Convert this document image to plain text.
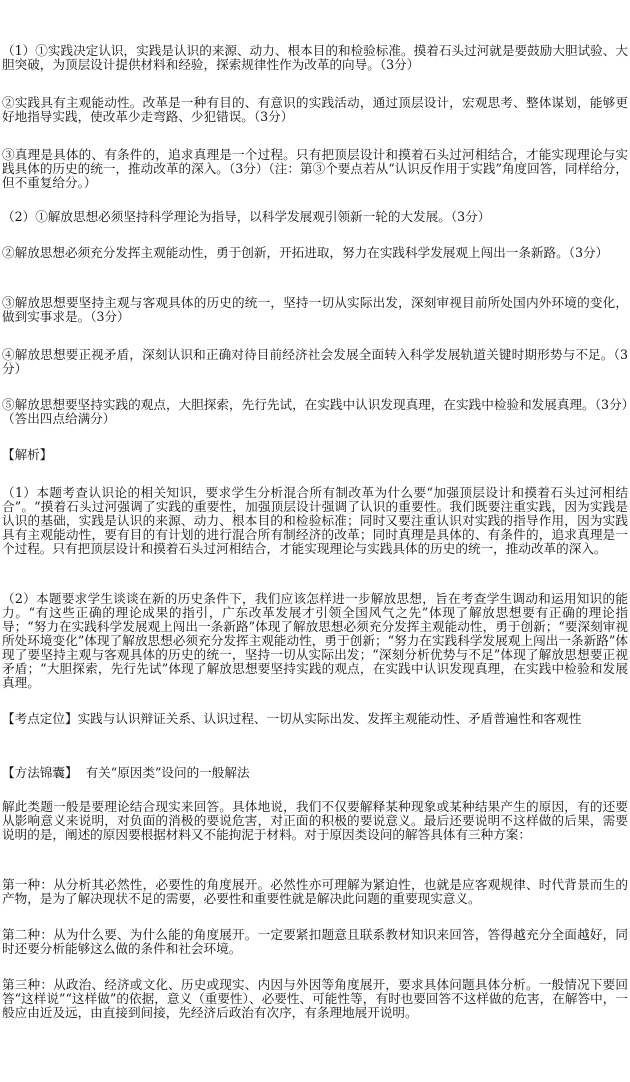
（1）①实践决定认识，实践是认识的来源、动力、根本目的和检验标准。摸着石头过河就是要鼓励大胆试验、大胆突破，为顶层设计提供材料和经验，探索规律性作为改革的向导。（3分）

②实践具有主观能动性。改革是一种有目的、有意识的实践活动，通过顶层设计，宏观思考、整体谋划，能够更好地指导实践，使改革少走弯路、少犯错误。（3分）

③真理是具体的、有条件的，追求真理是一个过程。只有把顶层设计和摸着石头过河相结合，才能实现理论与实践具体的历史的统一，推动改革的深入。（3分）（注：第③个要点若从“认识反作用于实践”角度回答，同样给分，但不重复给分。）

（2）①解放思想必须坚持科学理论为指导，以科学发展观引领新一轮的大发展。（3分）

②解放思想必须充分发挥主观能动性，勇于创新，开拓进取，努力在实践科学发展观上闯出一条新路。（3分）

③解放思想要坚持主观与客观具体的历史的统一，坚持一切从实际出发，深刻审视目前所处国内外环境的变化，做到实事求是。（3分）

④解放思想要正视矛盾，深刻认识和正确对待目前经济社会发展全面转入科学发展轨道关键时期形势与不足。（3分）

⑤解放思想要坚持实践的观点，大胆探索，先行先试，在实践中认识发现真理，在实践中检验和发展真理。（3分）（答出四点给满分）

【解析】

（1）本题考查认识论的相关知识，要求学生分析混合所有制改革为什么要“加强顶层设计和摸着石头过河相结合”。“摸着石头过河强调了实践的重要性，加强顶层设计强调了认识的重要性。我们既要注重实践，因为实践是认识的基础，实践是认识的来源、动力、根本目的和检验标准；同时又要注重认识对实践的指导作用，因为实践具有主观能动性，要有目的有计划的进行混合所有制经济的改革；同时真理是具体的、有条件的，追求真理是一个过程。只有把顶层设计和摸着石头过河相结合，才能实现理论与实践具体的历史的统一，推动改革的深入。

（2）本题要求学生谈谈在新的历史条件下，我们应该怎样进一步解放思想，旨在考查学生调动和运用知识的能力。“有这些正确的理论成果的指引，广东改革发展才引领全国风气之先”体现了解放思想要有正确的理论指导；“努力在实践科学发展观上闯出一条新路”体现了解放思想必须充分发挥主观能动性，勇于创新；“要深刻审视所处环境变化”体现了解放思想必须充分发挥主观能动性，勇于创新；“努力在实践科学发展观上闯出一条新路”体现了要坚持主观与客观具体的历史的统一，坚持一切从实际出发；“深刻分析优势与不足”体现了解放思想要正视矛盾；“大胆探索，先行先试”体现了解放思想要坚持实践的观点，在实践中认识发现真理，在实践中检验和发展真理。

【考点定位】实践与认识辩证关系、认识过程、一切从实际出发、发挥主观能动性、矛盾普遍性和客观性

【方法锦囊】 有关“原因类”设问的一般解法

解此类题一般是要理论结合现实来回答。具体地说，我们不仅要解释某种现象或某种结果产生的原因，有的还要从影响意义来说明，对负面的消极的要说危害，对正面的积极的要说意义。最后还要说明不这样做的后果，需要说明的是，阐述的原因要根据材料又不能拘泥于材料。对于原因类设问的解答具体有三种方案：

第一种：从分析其必然性，必要性的角度展开。必然性亦可理解为紧迫性，也就是应客观规律、时代背景而生的产物，是为了解决现状不足的需要，必要性和重要性就是解决此问题的重要现实意义。

第二种：从为什么要、为什么能的角度展开。一定要紧扣题意且联系教材知识来回答，答得越充分全面越好，同时还要分析能够这么做的条件和社会环境。

第三种：从政治、经济或文化、历史或现实、内因与外因等角度展开，要求具体问题具体分析。一般情况下要回答“这样说”“这样做”的依据，意义（重要性）、必要性、可能性等，有时也要回答不这样做的危害，在解答中，一般应由近及远，由直接到间接，先经济后政治有次序，有条理地展开说明。
